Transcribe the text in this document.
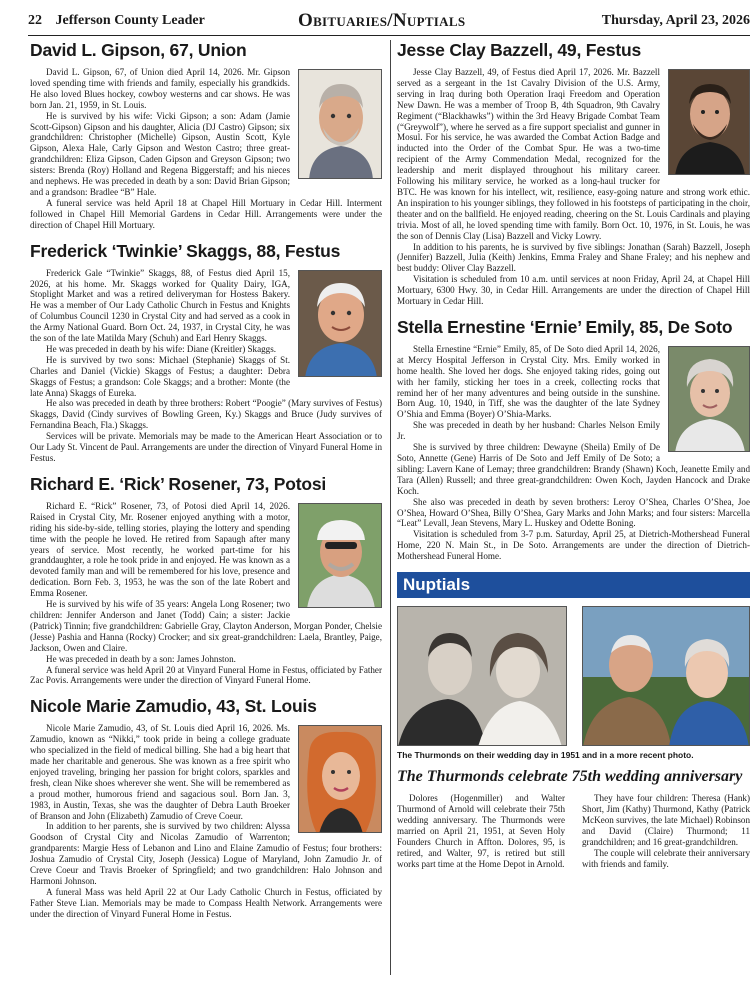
22 Jefferson County Leader	Obituaries/Nuptials	Thursday, April 23, 2026
David L. Gipson, 67, Union

David L. Gipson, 67, of Union died April 14, 2026. Mr. Gipson loved spending time with friends and family, especially his grandkids. He also loved Blues hockey, cowboy westerns and car shows. He was born Jan. 21, 1959, in St. Louis.

He is survived by his wife: Vicki Gipson; a son: Adam (Jamie Scott-Gipson) Gipson and his daughter, Alicia (DJ Castro) Gipson; six grandchildren: Christopher (Michelle) Gipson, Austin Scott, Kyle Gipson, Alexa Hale, Carly Gipson and Weston Castro; three great-grandchildren: Eliza Gipson, Caden Gipson and Greyson Gipson; two sisters: Brenda (Roy) Holland and Regena Biggerstaff; and his nieces and nephews. He was preceded in death by a son: David Brian Gipson; and a grandson: Bradlee “B” Hale.

A funeral service was held April 18 at Chapel Hill Mortuary in Cedar Hill. Interment followed in Chapel Hill Memorial Gardens in Cedar Hill. Arrangements were under the direction of Chapel Hill Mortuary.

Frederick ‘Twinkie’ Skaggs, 88, Festus

Frederick Gale “Twinkie” Skaggs, 88, of Festus died April 15, 2026, at his home. Mr. Skaggs worked for Quality Dairy, IGA, Stoplight Market and was a retired deliveryman for Hostess Bakery. He was a member of Our Lady Catholic Church in Festus and Knights of Columbus Council 1230 in Crystal City and had served as a cook in the Army National Guard. Born Oct. 24, 1937, in Crystal City, he was the son of the late Matilda Mary (Schuh) and Earl Henry Skaggs.

He was preceded in death by his wife: Diane (Kreitler) Skaggs.

He is survived by two sons: Michael (Stephanie) Skaggs of St. Charles and Daniel (Vickie) Skaggs of Festus; a daughter: Debra Skaggs of Festus; a grandson: Cole Skaggs; and a brother: Monte (the late Anna) Skaggs of Eureka.

He also was preceded in death by three brothers: Robert “Poogie” (Mary survives of Festus) Skaggs, David (Cindy survives of Bowling Green, Ky.) Skaggs and Bruce (Judy survives of Fernandina Beach, Fla.) Skaggs.

Services will be private. Memorials may be made to the American Heart Association or to Our Lady St. Vincent de Paul. Arrangements are under the direction of Vinyard Funeral Home in Festus.

Richard E. ‘Rick’ Rosener, 73, Potosi

Richard E. “Rick” Rosener, 73, of Potosi died April 14, 2026. Raised in Crystal City, Mr. Rosener enjoyed anything with a motor, riding his side-by-side, telling stories, playing the lottery and spending time with the people he loved. He retired from Sapaugh after many years of service. Most recently, he worked part-time for his granddaughter, a role he took pride in and enjoyed. He was known as a devoted family man and will be remembered for his love, presence and dedication. Born Feb. 3, 1953, he was the son of the late Robert and Emma Rosener.

He is survived by his wife of 35 years: Angela Long Rosener; two children: Jennifer Anderson and Janet (Todd) Cain; a sister: Jackie (Patrick) Tinnin; five grandchildren: Gabrielle Gray, Clayton Anderson, Morgan Ponder, Chelsie (Jesse) Pashia and Hanna (Rocky) Crocker; and six great-grandchildren: Laela, Brantley, Paige, Jackson, Owen and Claire.

He was preceded in death by a son: James Johnston.

A funeral service was held April 20 at Vinyard Funeral Home in Festus, officiated by Father Zac Povis. Arrangements were under the direction of Vinyard Funeral Home.

Nicole Marie Zamudio, 43, St. Louis

Nicole Marie Zamudio, 43, of St. Louis died April 16, 2026. Ms. Zamudio, known as “Nikki,” took pride in being a college graduate who specialized in the field of medical billing. She had a big heart that made her charitable and generous. She was known as a free spirit who enjoyed traveling, bringing her passion for bright colors, sparkles and fresh, clean Nike shoes wherever she went. She will be remembered as a proud mother, humorous friend and sagacious soul. Born Jan. 3, 1983, in Austin, Texas, she was the daughter of Debra Lauth Broeker of Branson and John (Elizabeth) Zamudio of Creve Coeur.

In addition to her parents, she is survived by two children: Alyssa Goodson of Crystal City and Nicolas Zamudio of Warrenton; grandparents: Margie Hess of Lebanon and Lino and Elaine Zamudio of Festus; four brothers: Joshua Zamudio of Crystal City, Joseph (Jessica) Logue of Maryland, John Zamudio Jr. of Creve Coeur and Travis Broeker of Springfield; and two grandchildren: Halo Johnson and Harmoni Johnson.

A funeral Mass was held April 22 at Our Lady Catholic Church in Festus, officiated by Father Steve Lian. Memorials may be made to Compass Health Network. Arrangements were under the direction of Vinyard Funeral Home in Festus.

Jesse Clay Bazzell, 49, Festus

Jesse Clay Bazzell, 49, of Festus died April 17, 2026. Mr. Bazzell served as a sergeant in the 1st Cavalry Division of the U.S. Army, serving in Iraq during both Operation Iraqi Freedom and Operation New Dawn. He was a member of Troop B, 4th Squadron, 9th Cavalry Regiment (“Blackhawks”) within the 3rd Heavy Brigade Combat Team (“Greywolf”), where he served as a fire support specialist and gunner in Mosul. For his service, he was awarded the Combat Action Badge and inducted into the Order of the Combat Spur. He was a two-time recipient of the Army Commendation Medal, recognized for the leadership and merit displayed throughout his military career. Following his military service, he worked as a long-haul trucker for BTC. He was known for his intellect, wit, resilience, easy-going nature and strong work ethic. An inspiration to his younger siblings, they followed in his footsteps of participating in the choir, theater and on the ballfield. He enjoyed reading, cheering on the St. Louis Cardinals and playing trivia. Most of all, he loved spending time with family. Born Oct. 10, 1976, in St. Louis, he was the son of Dennis Clay (Lisa) Bazzell and Vicky Lowry.

In addition to his parents, he is survived by five siblings: Jonathan (Sarah) Bazzell, Joseph (Jennifer) Bazzell, Julia (Keith) Jenkins, Emma Fraley and Shane Fraley; and his nephew and best buddy: Oliver Clay Bazzell.

Visitation is scheduled from 10 a.m. until services at noon Friday, April 24, at Chapel Hill Mortuary, 6300 Hwy. 30, in Cedar Hill. Arrangements are under the direction of Chapel Hill Mortuary in Cedar Hill.

Stella Ernestine ‘Ernie’ Emily, 85, De Soto

Stella Ernestine “Ernie” Emily, 85, of De Soto died April 14, 2026, at Mercy Hospital Jefferson in Crystal City. Mrs. Emily worked in home health. She loved her dogs. She enjoyed taking rides, going out with her family, sticking her toes in a creek, collecting rocks that remind her of her many adventures and being outside in the sunshine. Born Aug. 10, 1940, in Tiff, she was the daughter of the late Sydney O’Shia and Emma (Boyer) O’Shia-Marks.

She was preceded in death by her husband: Charles Nelson Emily Jr.

She is survived by three children: Dewayne (Sheila) Emily of De Soto, Annette (Gene) Harris of De Soto and Jeff Emily of De Soto; a sibling: Lavern Kane of Lemay; three grandchildren: Brandy (Shawn) Koch, Jeanette Emily and Tara (Allen) Russell; and three great-grandchildren: Owen Koch, Jayden Hancock and Drake Koch.

She also was preceded in death by seven brothers: Leroy O’Shea, Charles O’Shea, Joe O’Shea, Howard O’Shea, Billy O’Shea, Gary Marks and John Marks; and four sisters: Marcella “Leat” Levall, Jean Stevens, Mary L. Huskey and Odette Boning.

Visitation is scheduled from 3-7 p.m. Saturday, April 25, at Dietrich-Mothershead Funeral Home, 220 N. Main St., in De Soto. Arrangements are under the direction of Dietrich-Mothershead Funeral Home.

Nuptials
The Thurmonds on their wedding day in 1951 and in a more recent photo.
The Thurmonds celebrate 75th wedding anniversary

Dolores (Hogenmiller) and Walter Thurmond of Arnold will celebrate their 75th wedding anniversary. The Thurmonds were married on April 21, 1951, at Seven Holy Founders Church in Affton. Dolores, 95, is retired, and Walter, 97, is retired but still works part time at the Home Depot in Arnold.

They have four children: Theresa (Hank) Short, Jim (Kathy) Thurmond, Kathy (Patrick McKeon survives, the late Michael) Robinson and David (Claire) Thurmond; 11 grandchildren; and 16 great-grandchildren.

The couple will celebrate their anniversary with friends and family.
